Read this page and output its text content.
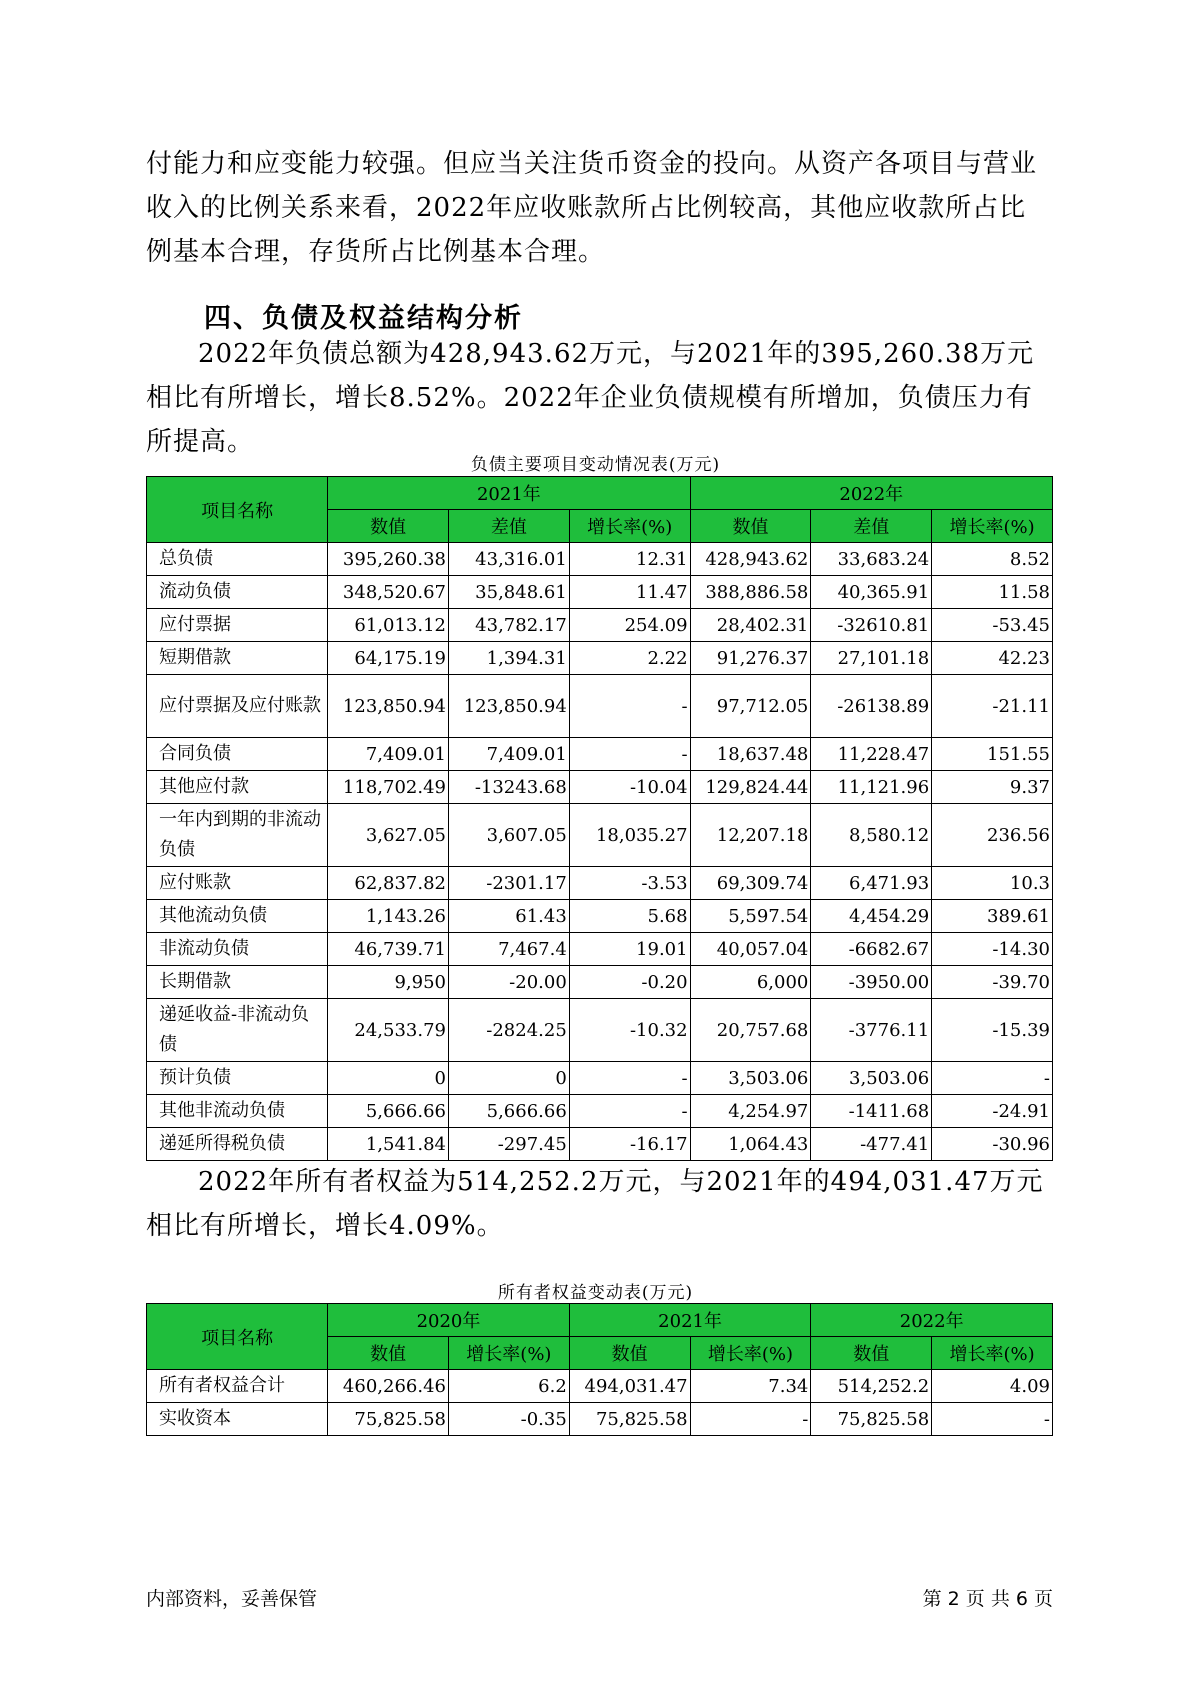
付能力和应变能力较强。但应当关注货币资金的投向。从资产各项目与营业收入的比例关系来看，2022年应收账款所占比例较高，其他应收款所占比例基本合理，存货所占比例基本合理。

四、负债及权益结构分析

2022年负债总额为428,943.62万元，与2021年的395,260.38万元相比有所增长，增长8.52%。2022年企业负债规模有所增加，负债压力有所提高。

负债主要项目变动情况表(万元)
项目名称	2021年			2022年		
	数值	差值	增长率(%)	数值	差值	增长率(%)
总负债	395,260.38	43,316.01	12.31	428,943.62	33,683.24	8.52
流动负债	348,520.67	35,848.61	11.47	388,886.58	40,365.91	11.58
应付票据	61,013.12	43,782.17	254.09	28,402.31	-32610.81	-53.45
短期借款	64,175.19	1,394.31	2.22	91,276.37	27,101.18	42.23
应付票据及应付账款	123,850.94	123,850.94	-	97,712.05	-26138.89	-21.11
合同负债	7,409.01	7,409.01	-	18,637.48	11,228.47	151.55
其他应付款	118,702.49	-13243.68	-10.04	129,824.44	11,121.96	9.37
一年内到期的非流动负债	3,627.05	3,607.05	18,035.27	12,207.18	8,580.12	236.56
应付账款	62,837.82	-2301.17	-3.53	69,309.74	6,471.93	10.3
其他流动负债	1,143.26	61.43	5.68	5,597.54	4,454.29	389.61
非流动负债	46,739.71	7,467.4	19.01	40,057.04	-6682.67	-14.30
长期借款	9,950	-20.00	-0.20	6,000	-3950.00	-39.70
递延收益-非流动负债	24,533.79	-2824.25	-10.32	20,757.68	-3776.11	-15.39
预计负债	0	0	-	3,503.06	3,503.06	-
其他非流动负债	5,666.66	5,666.66	-	4,254.97	-1411.68	-24.91
递延所得税负债	1,541.84	-297.45	-16.17	1,064.43	-477.41	-30.96

2022年所有者权益为514,252.2万元，与2021年的494,031.47万元相比有所增长，增长4.09%。

所有者权益变动表(万元)
项目名称	2020年		2021年		2022年	
	数值	增长率(%)	数值	增长率(%)	数值	增长率(%)
所有者权益合计	460,266.46	6.2	494,031.47	7.34	514,252.2	4.09
实收资本	75,825.58	-0.35	75,825.58	-	75,825.58	-
内部资料，妥善保管	第 2 页 共 6 页
